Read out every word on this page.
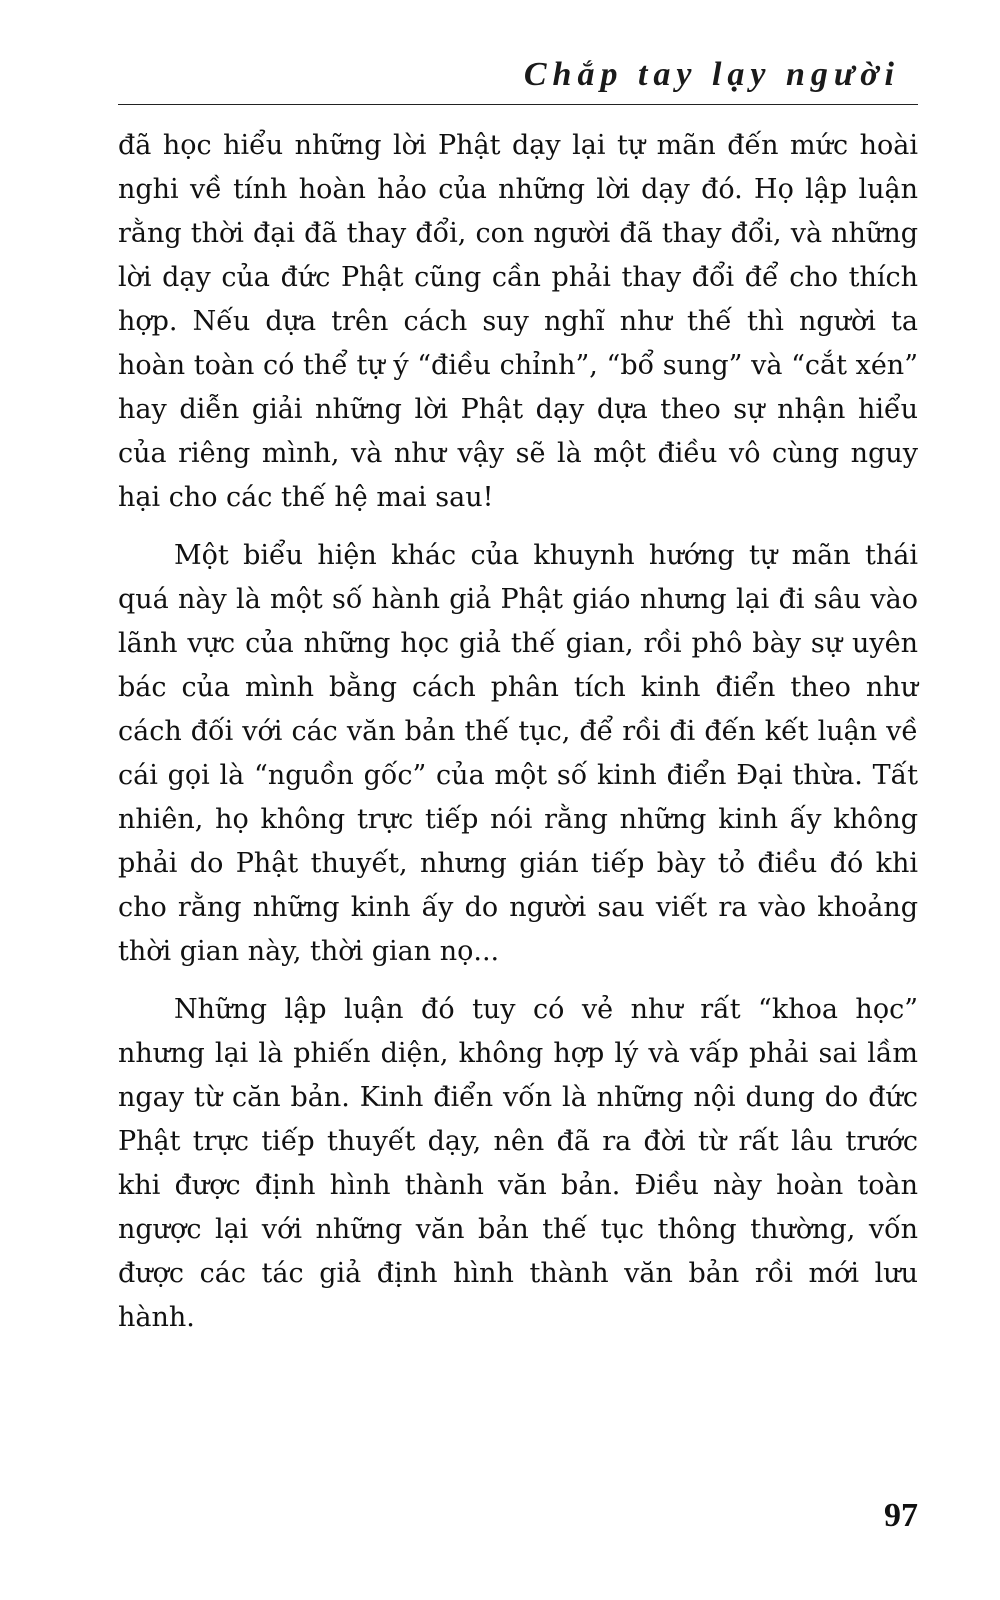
Chắp tay lạy người

đã học hiểu những lời Phật dạy lại tự mãn đến mức hoài nghi về tính hoàn hảo của những lời dạy đó. Họ lập luận rằng thời đại đã thay đổi, con người đã thay đổi, và những lời dạy của đức Phật cũng cần phải thay đổi để cho thích hợp. Nếu dựa trên cách suy nghĩ như thế thì người ta hoàn toàn có thể tự ý “điều chỉnh”, “bổ sung” và “cắt xén” hay diễn giải những lời Phật dạy dựa theo sự nhận hiểu của riêng mình, và như vậy sẽ là một điều vô cùng nguy hại cho các thế hệ mai sau!

Một biểu hiện khác của khuynh hướng tự mãn thái quá này là một số hành giả Phật giáo nhưng lại đi sâu vào lãnh vực của những học giả thế gian, rồi phô bày sự uyên bác của mình bằng cách phân tích kinh điển theo như cách đối với các văn bản thế tục, để rồi đi đến kết luận về cái gọi là “nguồn gốc” của một số kinh điển Đại thừa. Tất nhiên, họ không trực tiếp nói rằng những kinh ấy không phải do Phật thuyết, nhưng gián tiếp bày tỏ điều đó khi cho rằng những kinh ấy do người sau viết ra vào khoảng thời gian này, thời gian nọ...

Những lập luận đó tuy có vẻ như rất “khoa học” nhưng lại là phiến diện, không hợp lý và vấp phải sai lầm ngay từ căn bản. Kinh điển vốn là những nội dung do đức Phật trực tiếp thuyết dạy, nên đã ra đời từ rất lâu trước khi được định hình thành văn bản. Điều này hoàn toàn ngược lại với những văn bản thế tục thông thường, vốn được các tác giả định hình thành văn bản rồi mới lưu hành.

97
